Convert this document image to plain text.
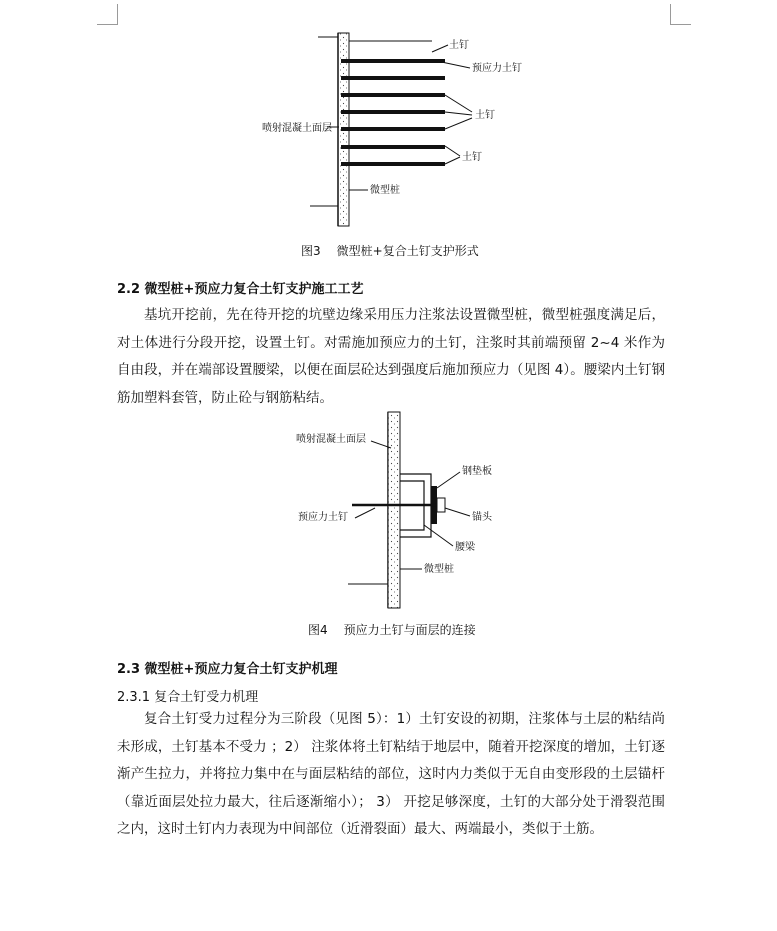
土钉
预应力土钉
土钉
土钉
喷射混凝土面层
微型桩
图3 微型桩+复合土钉支护形式
2.2 微型桩+预应力复合土钉支护施工工艺

基坑开挖前，先在待开挖的坑壁边缘采用压力注浆法设置微型桩，微型桩强度满足后，对土体进行分段开挖，设置土钉。对需施加预应力的土钉，注浆时其前端预留 2~4 米作为自由段，并在端部设置腰梁，以便在面层砼达到强度后施加预应力（见图 4）。腰梁内土钉钢筋加塑料套管，防止砼与钢筋粘结。

喷射混凝土面层
钢垫板
预应力土钉	锚头
腰梁
微型桩
图4 预应力土钉与面层的连接
2.3 微型桩+预应力复合土钉支护机理
2.3.1 复合土钉受力机理

复合土钉受力过程分为三阶段（见图 5）：1）土钉安设的初期，注浆体与土层的粘结尚未形成，土钉基本不受力 ；2） 注浆体将土钉粘结于地层中，随着开挖深度的增加，土钉逐渐产生拉力，并将拉力集中在与面层粘结的部位，这时内力类似于无自由变形段的土层锚杆（靠近面层处拉力最大，往后逐渐缩小）； 3） 开挖足够深度，土钉的大部分处于滑裂范围之内，这时土钉内力表现为中间部位（近滑裂面）最大、两端最小，类似于土筋。
